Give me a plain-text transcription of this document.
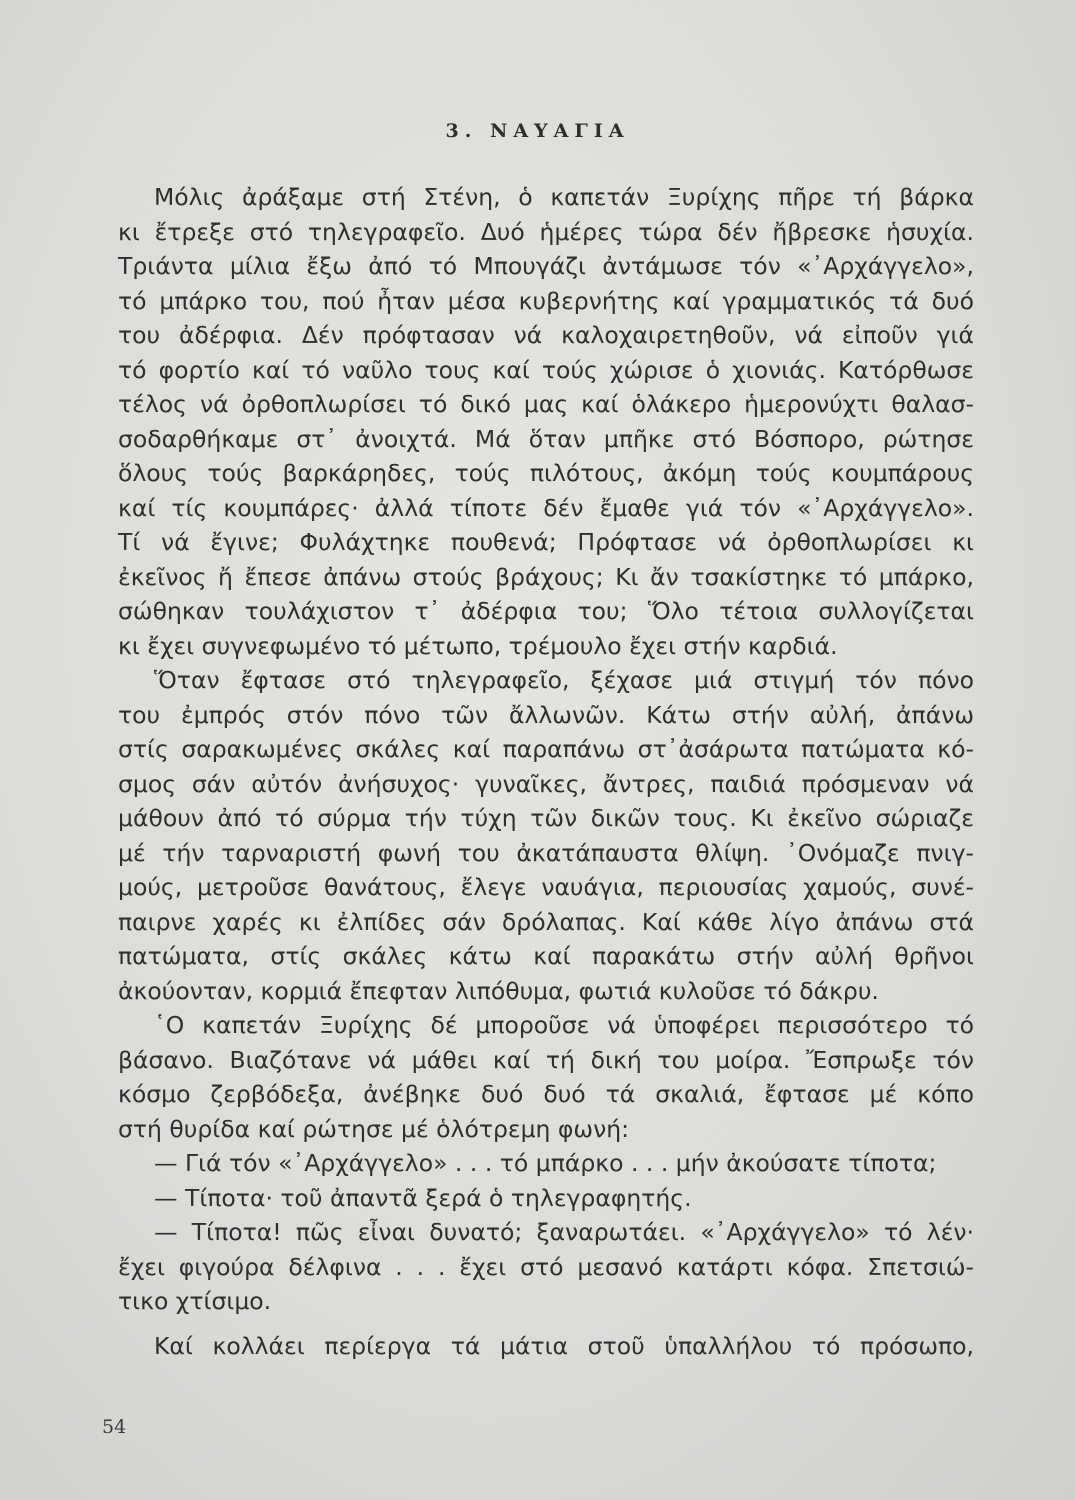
3. ΝΑΥΑΓΙΑ
Μόλις ἀράξαμε στή Στένη, ὁ καπετάν Ξυρίχης πῆρε τή βάρκα
κι ἔτρεξε στό τηλεγραφεῖο. Δυό ἡμέρες τώρα δέν ἤβρεσκε ἡσυχία.
Τριάντα μίλια ἔξω ἀπό τό Μπουγάζι ἀντάμωσε τόν «᾿Αρχάγγελο»,
τό μπάρκο του, πού ἦταν μέσα κυβερνήτης καί γραμματικός τά δυό
του ἀδέρφια. Δέν πρόφτασαν νά καλοχαιρετηθοῦν, νά εἰποῦν γιά
τό φορτίο καί τό ναῦλο τους καί τούς χώρισε ὁ χιονιάς. Κατόρθωσε
τέλος νά ὀρθοπλωρίσει τό δικό μας καί ὁλάκερο ἡμερονύχτι θαλασ-
σοδαρθήκαμε στ᾿ ἀνοιχτά. Μά ὅταν μπῆκε στό Βόσπορο, ρώτησε
ὅλους τούς βαρκάρηδες, τούς πιλότους, ἀκόμη τούς κουμπάρους
καί τίς κουμπάρες· ἀλλά τίποτε δέν ἔμαθε γιά τόν «᾿Αρχάγγελο».
Τί νά ἔγινε; Φυλάχτηκε πουθενά; Πρόφτασε νά ὀρθοπλωρίσει κι
ἐκεῖνος ἤ ἔπεσε ἀπάνω στούς βράχους; Κι ἄν τσακίστηκε τό μπάρκο,
σώθηκαν τουλάχιστον τ᾿ ἀδέρφια του; Ὅλο τέτοια συλλογίζεται
κι ἔχει συγνεφωμένο τό μέτωπο, τρέμουλο ἔχει στήν καρδιά.
Ὅταν ἔφτασε στό τηλεγραφεῖο, ξέχασε μιά στιγμή τόν πόνο
του ἐμπρός στόν πόνο τῶν ἄλλωνῶν. Κάτω στήν αὐλή, ἀπάνω
στίς σαρακωμένες σκάλες καί παραπάνω στ᾿ἀσάρωτα πατώματα κό-
σμος σάν αὐτόν ἀνήσυχος· γυναῖκες, ἄντρες, παιδιά πρόσμεναν νά
μάθουν ἀπό τό σύρμα τήν τύχη τῶν δικῶν τους. Κι ἐκεῖνο σώριαζε
μέ τήν ταρναριστή φωνή του ἀκατάπαυστα θλίψη. ᾿Ονόμαζε πνιγ-
μούς, μετροῦσε θανάτους, ἔλεγε ναυάγια, περιουσίας χαμούς, συνέ-
παιρνε χαρές κι ἐλπίδες σάν δρόλαπας. Καί κάθε λίγο ἀπάνω στά
πατώματα, στίς σκάλες κάτω καί παρακάτω στήν αὐλή θρῆνοι
ἀκούονταν, κορμιά ἔπεφταν λιπόθυμα, φωτιά κυλοῦσε τό δάκρυ.
῾Ο καπετάν Ξυρίχης δέ μποροῦσε νά ὑποφέρει περισσότερο τό
βάσανο. Βιαζότανε νά μάθει καί τή δική του μοίρα. Ἔσπρωξε τόν
κόσμο ζερβόδεξα, ἀνέβηκε δυό δυό τά σκαλιά, ἔφτασε μέ κόπο
στή θυρίδα καί ρώτησε μέ ὁλότρεμη φωνή:
— Γιά τόν «᾿Αρχάγγελο» . . . τό μπάρκο . . . μήν ἀκούσατε τίποτα;
— Τίποτα· τοῦ ἀπαντᾶ ξερά ὁ τηλεγραφητής.
— Τίποτα! πῶς εἶναι δυνατό; ξαναρωτάει. «᾿Αρχάγγελο» τό λέν·
ἔχει φιγούρα δέλφινα . . . ἔχει στό μεσανό κατάρτι κόφα. Σπετσιώ-
τικο χτίσιμο.
Καί κολλάει περίεργα τά μάτια στοῦ ὑπαλλήλου τό πρόσωπο,
54
